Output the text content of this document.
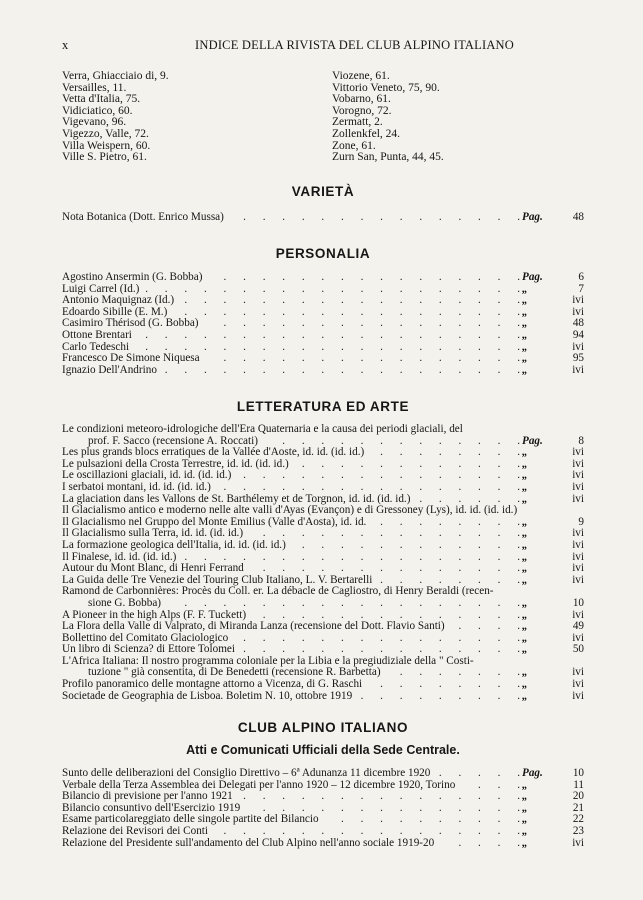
x	INDICE DELLA RIVISTA DEL CLUB ALPINO ITALIANO
Verra, Ghiacciaio di, 9.
Versailles, 11.
Vetta d'Italia, 75.
Vidiciatico, 60.
Vigevano, 96.
Vigezzo, Valle, 72.
Villa Weispern, 60.
Ville S. Pietro, 61.
Viozene, 61.
Vittorio Veneto, 75, 90.
Vobarno, 61.
Vorogno, 72.
Zermatt, 2.
Zollenkfel, 24.
Zone, 61.
Zurn San, Punta, 44, 45.
VARIETÀ
Nota Botanica (Dott. Enrico Mussa) .  .  .  .  .  .  .  .  .  .  .  .  .  .  . Pag.	48
PERSONALIA
Agostino Ansermin (G. Bobba) .  .  .  .  .  .  .  .  .  .  .  .  .  .  .  . Pag.	6
Luigi Carrel (Id.) .  .  .  .  .  .  .  .  .  .  .  .  .  .  .  .  .  .  .  . „	7
Antonio Maquignaz (Id.) .  .  .  .  .  .  .  .  .  .  .  .  .  .  .  .  .  . „	ivi
Edoardo Sibille (E. M.) .  .  .  .  .  .  .  .  .  .  .  .  .  .  .  .  .  . „	ivi
Casimiro Thérisod (G. Bobba) .  .  .  .  .  .  .  .  .  .  .  .  .  .  .  . „	48
Ottone Brentari .  .  .  .  .  .  .  .  .  .  .  .  .  .  .  .  .  .  .  . „	94
Carlo Tedeschi .  .  .  .  .  .  .  .  .  .  .  .  .  .  .  .  .  .  .  . „	ivi
Francesco De Simone Niquesa .  .  .  .  .  .  .  .  .  .  .  .  .  .  .  . „	95
Ignazio Dell'Andrino .  .  .  .  .  .  .  .  .  .  .  .  .  .  .  .  .  .  . „	ivi
LETTERATURA ED ARTE
Le condizioni meteoro-idrologiche dell'Era Quaternaria e la causa dei periodi glaciali, del
prof. F. Sacco (recensione A. Roccati) .  .  .  .  .  .  .  .  .  .  .  .  . Pag.	8
Les plus grands blocs erratiques de la Vallée d'Aoste, id. id. (id. id.) .  .  .  .  .  .  .  . „	ivi
Le pulsazioni della Crosta Terrestre, id. id. (id. id.) .  .  .  .  .  .  .  .  .  .  .  . „	ivi
Le oscillazioni glaciali, id. id. (id. id.) .  .  .  .  .  .  .  .  .  .  .  .  .  .  . „	ivi
I serbatoi montani, id. id. (id. id.) .  .  .  .  .  .  .  .  .  .  .  .  .  .  .  . „	ivi
La glaciation dans les Vallons de St. Barthélemy et de Torgnon, id. id. (id. id.) .  .  .  .  .  . „	ivi
Il Glacialismo antico e moderno nelle alte valli d'Ayas (Evançon) e di Gressoney (Lys), id. id. (id. id.)
Il Glacialismo nel Gruppo del Monte Emilius (Valle d'Aosta), id. id. .  .  .  .  .  .  .  . „	9
Il Glacialismo sulla Terra, id. id. (id. id.) .  .  .  .  .  .  .  .  .  .  .  .  .  . „	ivi
La formazione geologica dell'Italia, id. id. (id. id.) .  .  .  .  .  .  .  .  .  .  .  . „	ivi
Il Finalese, id. id. (id. id.) .  .  .  .  .  .  .  .  .  .  .  .  .  .  .  .  .  . „	ivi
Autour du Mont Blanc, di Henri Ferrand .  .  .  .  .  .  .  .  .  .  .  .  .  . „	ivi
La Guida delle Tre Venezie del Touring Club Italiano, L. V. Bertarelli .  .  .  .  .  .  .  . „	ivi
Ramond de Carbonnières: Procès du Coll. er. La débacle de Cagliostro, di Henry Beraldi (recen-
sione G. Bobba) .  .  .  .  .  .  .  .  .  .  .  .  .  .  .  .  .  . „	10
A Pioneer in the high Alps (F. F. Tuckett) .  .  .  .  .  .  .  .  .  .  .  .  .  . „	ivi
La Flora della Valle di Valprato, di Miranda Lanza (recensione del Dott. Flavio Santi) .  .  .  . „	49
Bollettino del Comitato Glaciologico .  .  .  .  .  .  .  .  .  .  .  .  .  .  . „	ivi
Un libro di Scienza? di Ettore Tolomei .  .  .  .  .  .  .  .  .  .  .  .  .  .  . „	50
L'Africa Italiana: Il nostro programma coloniale per la Libia e la pregiudiziale della " Costi-
tuzione " già consentita, di De Benedetti (recensione R. Barbetta) .  .  .  .  .  .  . „	ivi
Profilo panoramico delle montagne attorno a Vicenza, di G. Raschi .  .  .  .  .  .  .  . „	ivi
Societade de Geographia de Lisboa. Boletim N. 10, ottobre 1919 .  .  .  .  .  .  .  .  . „	ivi
CLUB ALPINO ITALIANO
Atti e Comunicati Ufficiali della Sede Centrale.
Sunto delle deliberazioni del Consiglio Direttivo – 6ª Adunanza 11 dicembre 1920 .  .  .  .  . Pag.	10
Verbale della Terza Assemblea dei Delegati per l'anno 1920 – 12 dicembre 1920, Torino .  .  . „	11
Bilancio di previsione per l'anno 1921 .  .  .  .  .  .  .  .  .  .  .  .  .  .  . „	20
Bilancio consuntivo dell'Esercizio 1919 .  .  .  .  .  .  .  .  .  .  .  .  .  . „	21
Esame particolareggiato delle singole partite del Bilancio .  .  .  .  .  .  .  .  .  . „	22
Relazione dei Revisori dei Conti .  .  .  .  .  .  .  .  .  .  .  .  .  .  .  . „	23
Relazione del Presidente sull'andamento del Club Alpino nell'anno sociale 1919-20 .  .  .  . „	ivi
